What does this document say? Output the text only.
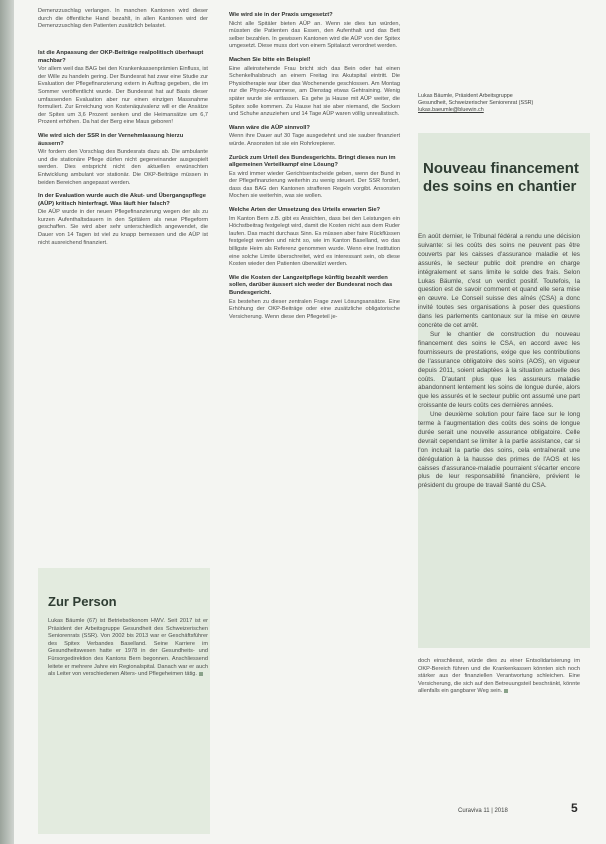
Demenzzuschlag verlangen. In manchen Kantonen wird dieser durch die öffentliche Hand bezahlt, in allen Kantonen wird der Demenzzuschlag den Patienten zusätzlich belastet.

Ist die Anpassung der OKP-Beiträge realpolitisch überhaupt machbar?

Vor allem weil das BAG bei den Krankenkassenprämien Einfluss, ist der Wille zu handeln gering. Der Bundesrat hat zwar eine Studie zur Evaluation der Pflegefinanzierung extern in Auftrag gegeben, die im Sommer veröffentlicht wurde. Der Bundesrat hat auf Basis dieser umfassenden Evaluation aber nur einen einzigen Massnahme formuliert. Zur Erreichung von Kostenäquivalenz will er die Ansätze der Spitex um 3,6 Prozent senken und die Heimansätze um 6,7 Prozent erhöhen. Da hat der Berg eine Maus geboren!

Wie wird sich der SSR in der Vernehmlassung hierzu äussern?

Wir fordern den Vorschlag des Bundesrats dazu ab. Die ambulante und die stationäre Pflege dürfen nicht gegeneinander ausgespielt werden. Dies entspricht nicht den aktuellen erwünschten Entwicklung ambulant vor stationär. Die OKP-Beiträge müssen in beiden Bereichen angepasst werden.

In der Evaluation wurde auch die Akut- und Übergangspflege (AÜP) kritisch hinterfragt. Was läuft hier falsch?

Die AÜP wurde in der neuen Pflegefinanzierung wegen der als zu kurzen Aufenthaltsdauern in den Spitälern als neue Pflegeform geschaffen. Sie wird aber sehr unterschiedlich angewendet, die Dauer von 14 Tagen ist viel zu knapp bemessen und die AÜP ist nicht ausreichend finanziert.

Zur Person

Lukas Bäumle (67) ist Betriebsökonom HWV. Seit 2017 ist er Präsident der Arbeitsgruppe Gesundheit des Schweizerischen Seniorenrats (SSR). Von 2002 bis 2013 war er Geschäftsführer des Spitex Verbandes Baselland. Seine Karriere im Gesundheitswesen hatte er 1978 in der Gesundheits- und Fürsorgedirektion des Kantons Bern begonnen. Anschliessend leitete er mehrere Jahre ein Regionalspital. Danach war er auch als Leiter von verschiedenen Alters- und Pflegeheimen tätig.

Wie wird sie in der Praxis umgesetzt?

Nicht alle Spitäler bieten AÜP an. Wenn sie dies tun würden, müssten die Patienten das Essen, den Aufenthalt und das Bett selber bezahlen. In gewissen Kantonen wird die AÜP von der Spitex umgesetzt. Diese muss dort von einem Spitalarzt verordnet werden.

Machen Sie bitte ein Beispiel!

Eine alleinstehende Frau bricht sich das Bein oder hat einen Schenkelhalsbruch an einem Freitag ins Akutspital eintritt. Die Physiotherapie war über das Wochenende geschlossen. Am Montag nur die Physio-Anamnese, am Dienstag etwas Gehtraining. Wenig später wurde sie entlassen. Es gehe ja Hause mit AÜP weiter, die Spitex solle kommen. Zu Hause hat sie aber niemand, die Socken und Schuhe anzuziehen und 14 Tage AÜP waren völlig unrealistisch.

Wann wäre die AÜP sinnvoll?

Wenn ihre Dauer auf 30 Tage ausgedehnt und sie sauber finanziert würde. Ansonsten ist sie ein Rohrkrepierer.

Zurück zum Urteil des Bundesgerichts. Bringt dieses nun im allgemeinen Verteilkampf eine Lösung?

Es wird immer wieder Gerichtsentscheide geben, wenn der Bund in der Pflegefinanzierung weiterhin zu wenig steuert. Der SSR fordert, dass das BAG den Kantonen strafferen Regeln vorgibt. Ansonsten Mochen sie weiterhin, was sie wollen.

Welche Arten der Umsetzung des Urteils erwarten Sie?

Im Kanton Bern z.B. gibt es Ansichten, dass bei den Leistungen ein Höchstbeitrag festgelegt wird, damit die Kosten nicht aus dem Ruder laufen. Das macht durchaus Sinn. Es müssen aber faire Rückflüssen festgelegt werden und nicht so, wie im Kanton Baselland, wo das billigste Heim als Referenz genommen wurde. Wenn eine Institution eine solche Limite überschreitet, wird es interessant sein, ob diese Kosten wieder den Patienten überwälzt werden.

Wie die Kosten der Langzeitpflege künftig bezahlt werden sollen, darüber äussert sich weder der Bundesrat noch das Bundesgericht.

Es bestehen zu dieser zentralen Frage zwei Lösungsansätze. Eine Erhöhung der OKP-Beiträge oder eine zusätzliche obligatorische Versicherung. Wenn diese den Pflegeteil je-

Lukas Bäumle, Präsident Arbeitsgruppe
Gesundheit, Schweizerischer Seniorenrat (SSR)
lukas.baeumle@bluewin.ch
Nouveau financement des soins en chantier

En août dernier, le Tribunal fédéral a rendu une décision suivante: si les coûts des soins ne peuvent pas être couverts par les caisses d'assurance maladie et les assurés, le secteur public doit prendre en charge intégralement et sans limite le solde des frais. Selon Lukas Bäumle, c'est un verdict positif. Toutefois, la question est de savoir comment et quand elle sera mise en œuvre. Le Conseil suisse des aînés (CSA) a donc invité toutes ses organisations à poser des questions dans les parlements cantonaux sur la mise en œuvre concrète de cet arrêt.

Sur le chantier de construction du nouveau financement des soins le CSA, en accord avec les fournisseurs de prestations, exige que les contributions de l'assurance obligatoire des soins (AOS), en vigueur depuis 2011, soient adaptées à la situation actuelle des coûts. D'autant plus que les assureurs maladie abandonnent lentement les soins de longue durée, alors que les assurés et le secteur public ont assumé une part croissante de leurs coûts ces dernières années.

Une deuxième solution pour faire face sur le long terme à l'augmentation des coûts des soins de longue durée serait une nouvelle assurance obligatoire. Celle devrait cependant se limiter à la partie assistance, car si l'on incluait la partie des soins, cela entraînerait une dérégulation à la hausse des primes de l'AOS et les caisses d'assurance-maladie pourraient s'écarter encore plus de leur responsabilité financière, prévient le président du groupe de travail Santé du CSA.

doch einschliesst, würde dies zu einer Entsolidarisierung im OKP-Bereich führen und die Krankenkassen könnten sich noch stärker aus der finanziellen Verantwortung schleichen. Eine Versicherung, die sich auf den Betreuungsteil beschränkt, könnte allenfalls ein gangbarer Weg sein.

Curaviva 11 | 2018	5
